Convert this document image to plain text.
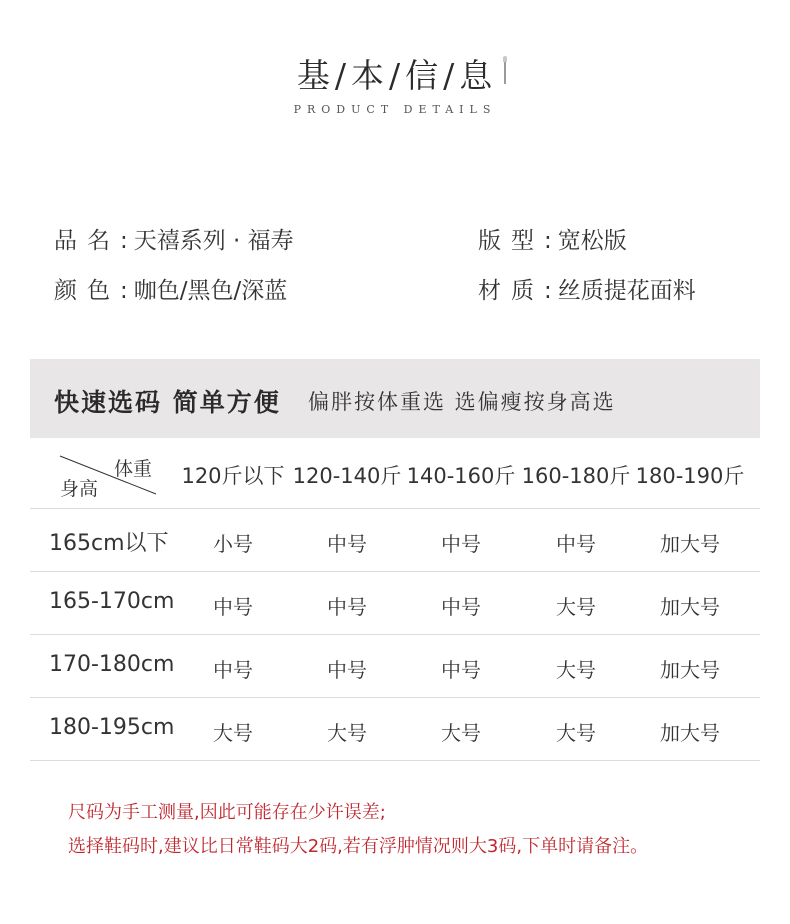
基 / 本 / 信 / 息
PRODUCT DETAILS
品名: 天禧系列 · 福寿
颜色: 咖色/黑色/深蓝
版型: 宽松版
材质: 丝质提花面料
快速选码 简单方便 偏胖按体重选 选偏瘦按身高选
体重
身高
120斤以下 120-140斤 140-160斤 160-180斤 180-190斤
165cm以下	小号	中号	中号	中号	加大号
165-170cm	中号	中号	中号	大号	加大号
170-180cm	中号	中号	中号	大号	加大号
180-195cm	大号	大号	大号	大号	加大号
尺码为手工测量,因此可能存在少许误差;
选择鞋码时,建议比日常鞋码大2码,若有浮肿情况则大3码,下单时请备注。
